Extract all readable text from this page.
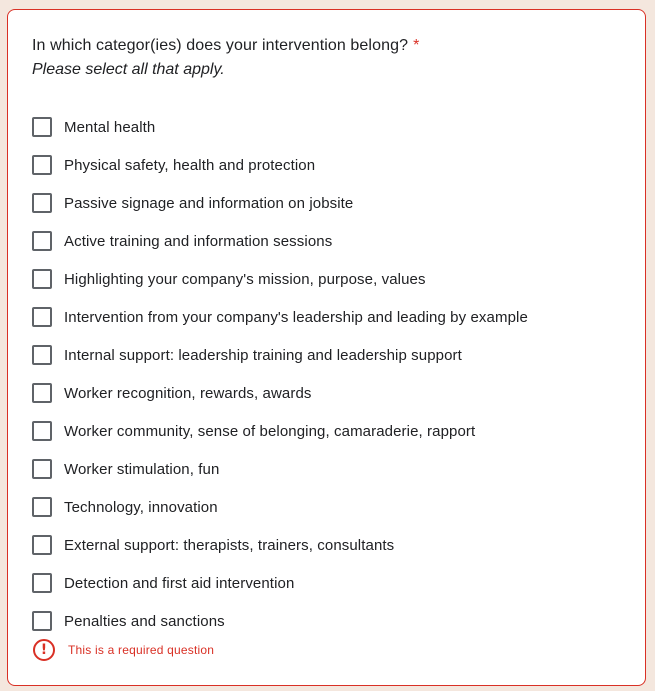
In which categor(ies) does your intervention belong? *
Please select all that apply.
Mental health
Physical safety, health and protection
Passive signage and information on jobsite
Active training and information sessions
Highlighting your company's mission, purpose, values
Intervention from your company's leadership and leading by example
Internal support: leadership training and leadership support
Worker recognition, rewards, awards
Worker community, sense of belonging, camaraderie, rapport
Worker stimulation, fun
Technology, innovation
External support: therapists, trainers, consultants
Detection and first aid intervention
Penalties and sanctions
!	This is a required question
